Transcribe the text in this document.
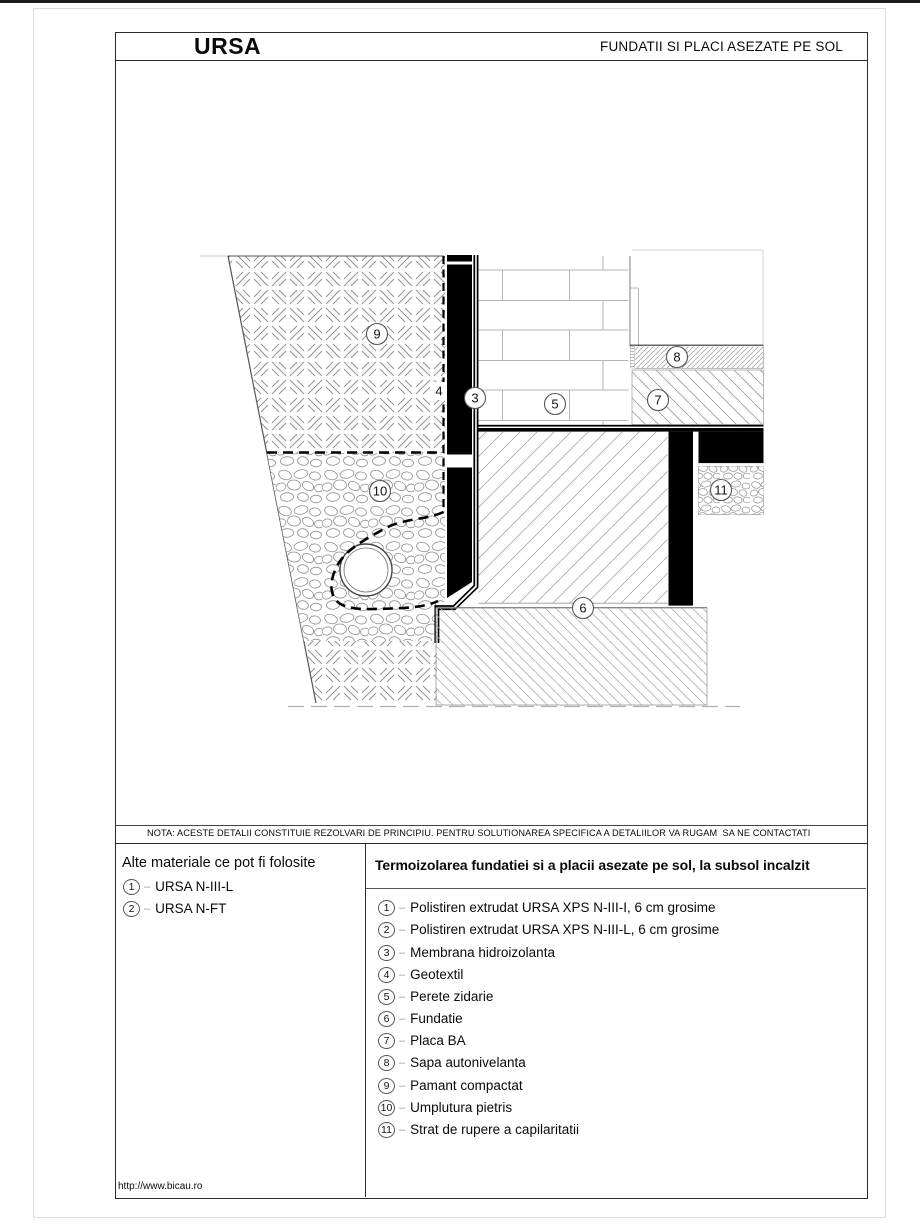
URSA	FUNDATII SI PLACI ASEZATE PE SOL
9
10
4 3	5	7
8
6
11
NOTA: ACESTE DETALII CONSTITUIE REZOLVARI DE PRINCIPIU. PENTRU SOLUTIONAREA SPECIFICA A DETALIILOR VA RUGAM  SA NE CONTACTATI
Alte materiale ce pot fi folosite
1 – URSA N-III-L
2 – URSA N-FT
Termoizolarea fundatiei si a placii asezate pe sol, la subsol incalzit
1 – Polistiren extrudat URSA XPS N-III-I, 6 cm grosime
2 – Polistiren extrudat URSA XPS N-III-L, 6 cm grosime
3 – Membrana hidroizolanta
4 – Geotextil
5 – Perete zidarie
6 – Fundatie
7 – Placa BA
8 – Sapa autonivelanta
9 – Pamant compactat
10 – Umplutura pietris
11 – Strat de rupere a capilaritatii
http://www.bicau.ro
